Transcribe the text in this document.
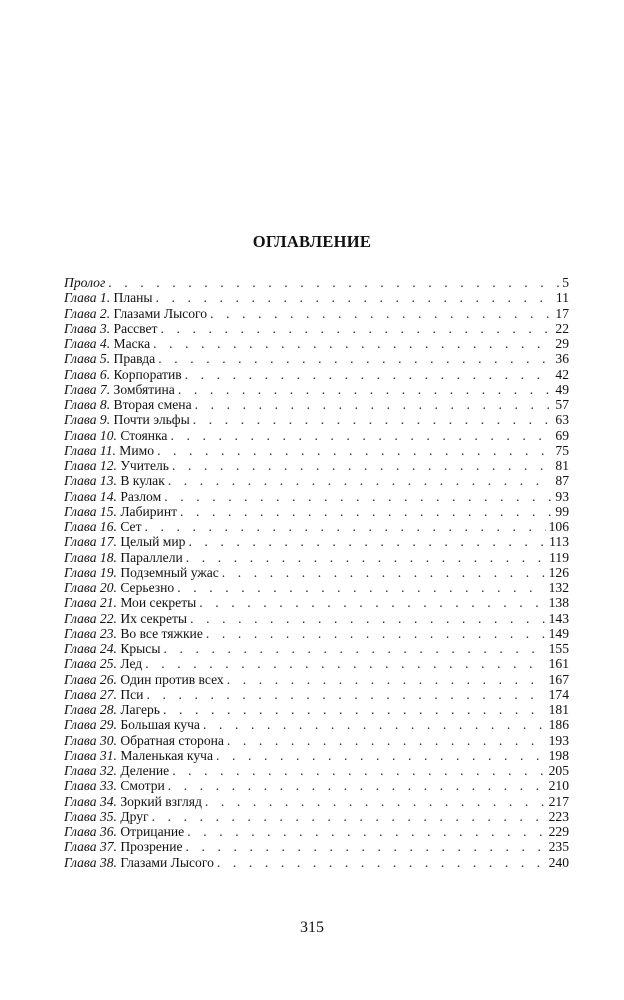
ОГЛАВЛЕНИЕ
Пролог . . .	5
Глава 1. Планы . . .	11
Глава 2. Глазами Лысого . . .	17
Глава 3. Рассвет . . .	22
Глава 4. Маска . . .	29
Глава 5. Правда . . .	36
Глава 6. Корпоратив . . .	42
Глава 7. Зомбятина . . .	49
Глава 8. Вторая смена . . .	57
Глава 9. Почти эльфы . . .	63
Глава 10. Стоянка . . .	69
Глава 11. Мимо . . .	75
Глава 12. Учитель . . .	81
Глава 13. В кулак . . .	87
Глава 14. Разлом . . .	93
Глава 15. Лабиринт . . .	99
Глава 16. Сет . . .	106
Глава 17. Целый мир . . .	113
Глава 18. Параллели . . .	119
Глава 19. Подземный ужас . . .	126
Глава 20. Серьезно . . .	132
Глава 21. Мои секреты . . .	138
Глава 22. Их секреты . . .	143
Глава 23. Во все тяжкие . . .	149
Глава 24. Крысы . . .	155
Глава 25. Лед . . .	161
Глава 26. Один против всех . . .	167
Глава 27. Пси . . .	174
Глава 28. Лагерь . . .	181
Глава 29. Большая куча . . .	186
Глава 30. Обратная сторона . . .	193
Глава 31. Маленькая куча . . .	198
Глава 32. Деление . . .	205
Глава 33. Смотри . . .	210
Глава 34. Зоркий взгляд . . .	217
Глава 35. Друг . . .	223
Глава 36. Отрицание . . .	229
Глава 37. Прозрение . . .	235
Глава 38. Глазами Лысого . . .	240
315
